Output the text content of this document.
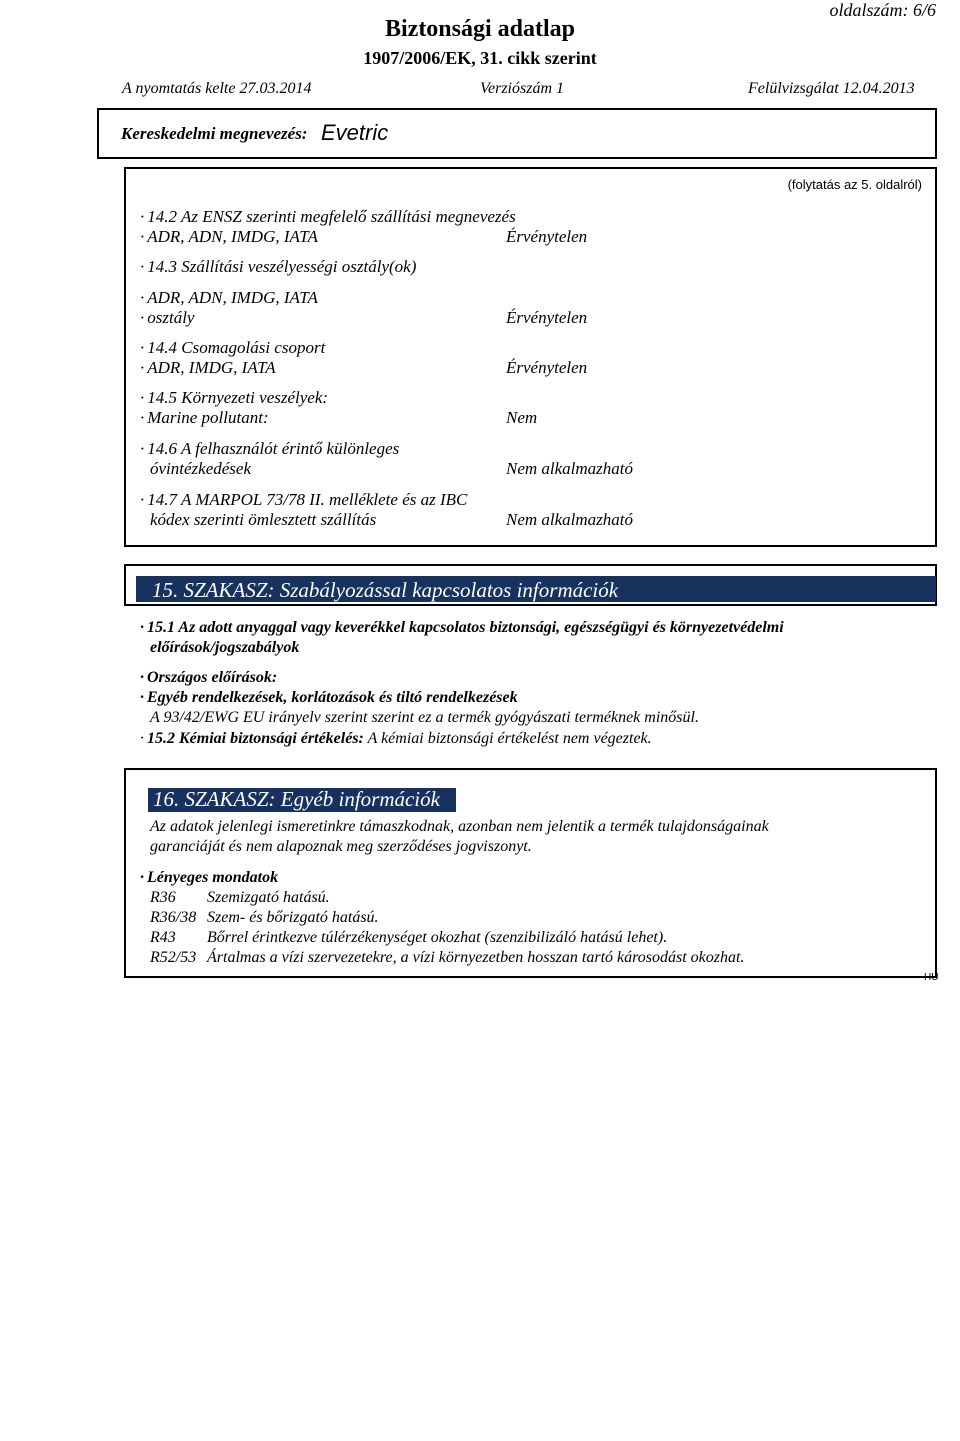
oldalszám: 6/6
Biztonsági adatlap
1907/2006/EK, 31. cikk szerint
A nyomtatás kelte 27.03.2014	Verziószám 1	Felülvizsgálat 12.04.2013
Kereskedelmi megnevezés: Evetric
(folytatás az 5. oldalról)
· 14.2 Az ENSZ szerinti megfelelő szállítási megnevezés
· ADR, ADN, IMDG, IATA	Érvénytelen
· 14.3 Szállítási veszélyességi osztály(ok)
· ADR, ADN, IMDG, IATA
· osztály	Érvénytelen
· 14.4 Csomagolási csoport
· ADR, IMDG, IATA	Érvénytelen
· 14.5 Környezeti veszélyek:
· Marine pollutant:	Nem
· 14.6 A felhasználót érintő különleges
óvintézkedések	Nem alkalmazható
· 14.7 A MARPOL 73/78 II. melléklete és az IBC
kódex szerinti ömlesztett szállítás	Nem alkalmazható
15. SZAKASZ: Szabályozással kapcsolatos információk
· 15.1 Az adott anyaggal vagy keverékkel kapcsolatos biztonsági, egészségügyi és környezetvédelmi
előírások/jogszabályok
· Országos előírások:
· Egyéb rendelkezések, korlátozások és tiltó rendelkezések
A 93/42/EWG EU irányelv szerint szerint ez a termék gyógyászati terméknek minősül.
· 15.2 Kémiai biztonsági értékelés: A kémiai biztonsági értékelést nem végeztek.
16. SZAKASZ: Egyéb információk
Az adatok jelenlegi ismeretinkre támaszkodnak, azonban nem jelentik a termék tulajdonságainak
garanciáját és nem alapoznak meg szerződéses jogviszonyt.
· Lényeges mondatok
R36 Szemizgató hatású.
R36/38 Szem- és bőrizgató hatású.
R43 Bőrrel érintkezve túlérzékenységet okozhat (szenzibilizáló hatású lehet).
R52/53 Ártalmas a vízi szervezetekre, a vízi környezetben hosszan tartó károsodást okozhat.
HU
